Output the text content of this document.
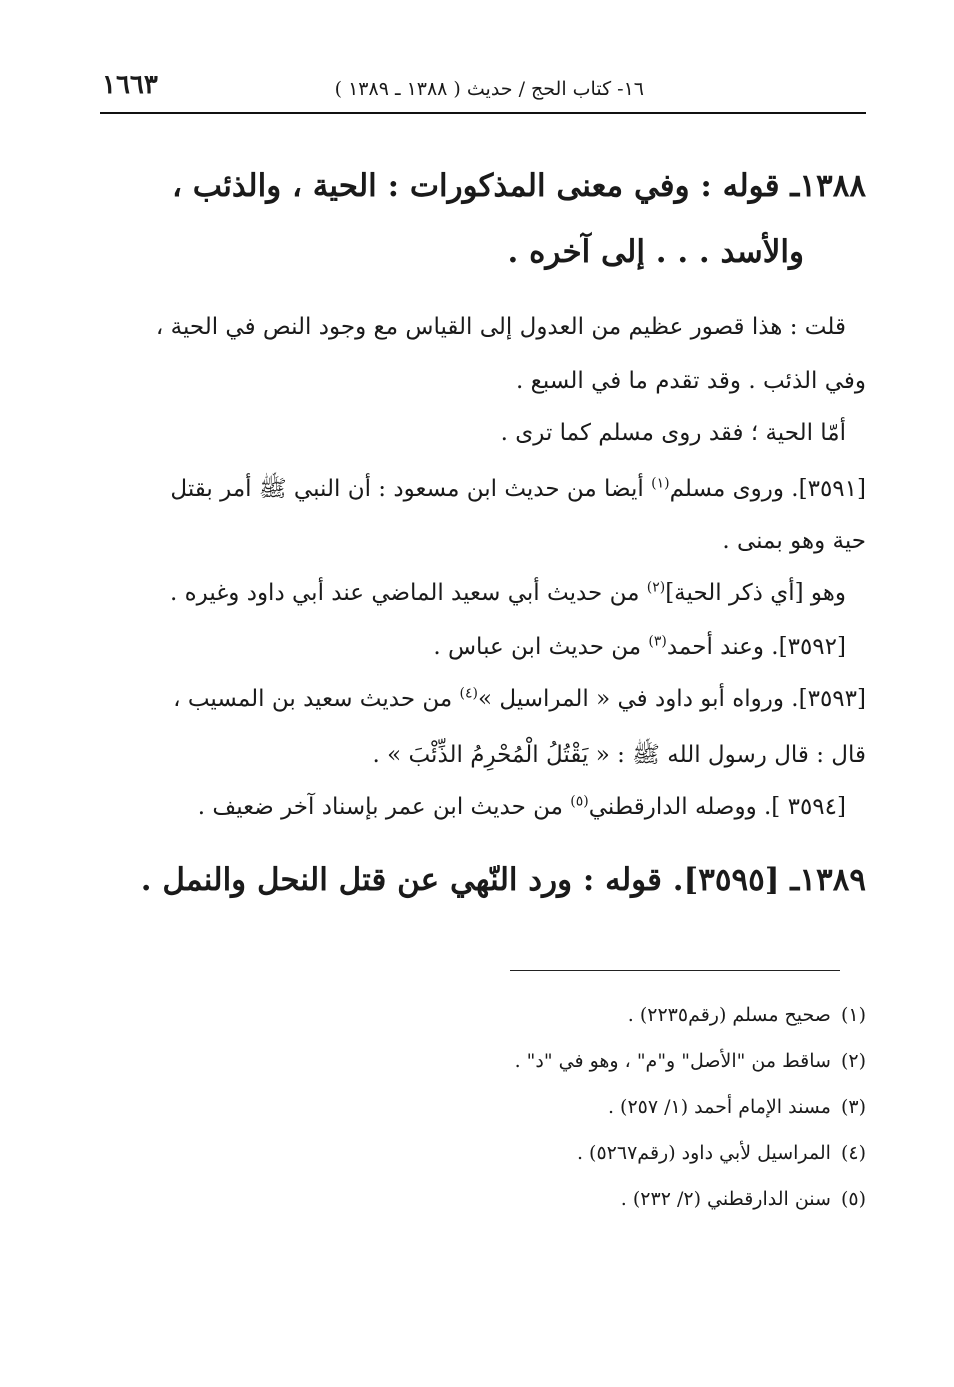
١٦- كتاب الحج / حديث ( ١٣٨٨ ـ ١٣٨٩ )
١٦٦٣
١٣٨٨ـ قوله : وفي معنى المذكورات : الحية ، والذئب ،
والأسد . . . إلى آخره .
قلت : هذا قصور عظيم من العدول إلى القياس مع وجود النص في الحية ،
وفي الذئب . وقد تقدم ما في السبع .
أمّا الحية ؛ فقد روى مسلم كما ترى .
[٣٥٩١]. وروى مسلم$^{(١)}$ أيضا من حديث ابن مسعود : أن النبي ﷺ أمر بقتل
حية وهو بمنى .
وهو [أي ذكر الحية]$^{(٢)}$ من حديث أبي سعيد الماضي عند أبي داود وغيره .
[٣٥٩٢]. وعند أحمد$^{(٣)}$ من حديث ابن عباس .
[٣٥٩٣]. ورواه أبو داود في « المراسيل »$^{(٤)}$ من حديث سعيد بن المسيب ،
قال : قال رسول الله ﷺ : « يَقْتُلُ الْمُحْرِمُ الذِّئْبَ » .
[٣٥٩٤ ]. ووصله الدارقطني$^{(٥)}$ من حديث ابن عمر بإسناد آخر ضعيف .
١٣٨٩ـ [٣٥٩٥]. قوله : ورد النّهي عن قتل النحل والنمل .
(١)صحيح مسلم (رقم٢٢٣٥) .
(٢)ساقط من "الأصل" و"م" ، وهو في "د" .
(٣)مسند الإمام أحمد (١/ ٢٥٧) .
(٤)المراسيل لأبي داود (رقم٥٢٦٧) .
(٥)سنن الدارقطني (٢/ ٢٣٢) .
